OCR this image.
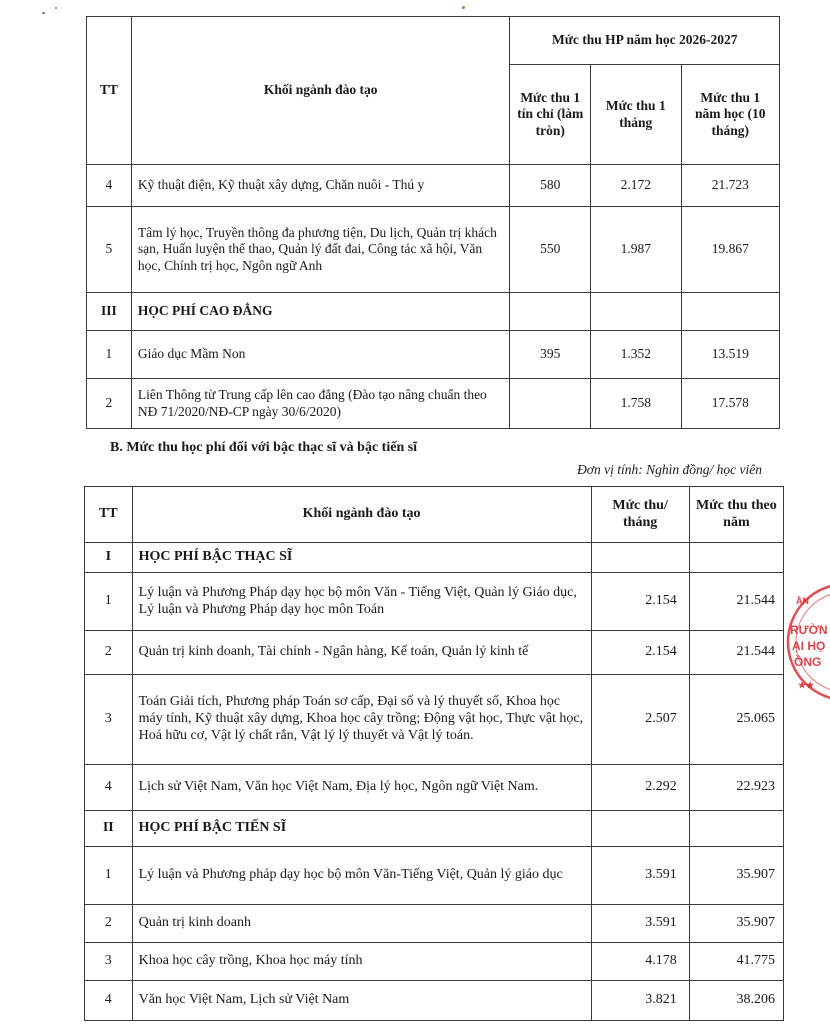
TT	Khối ngành đào tạo	Mức thu HP năm học 2026-2027		
		Mức thu 1 tín chỉ (làm tròn)	Mức thu 1 tháng	Mức thu 1 năm học (10 tháng)
4	Kỹ thuật điện, Kỹ thuật xây dựng, Chăn nuôi - Thú y	580	2.172	21.723
5	Tâm lý học, Truyền thông đa phương tiện, Du lịch, Quản trị khách sạn, Huấn luyện thể thao, Quản lý đất đai, Công tác xã hội, Văn học, Chính trị học, Ngôn ngữ Anh	550	1.987	19.867
III	HỌC PHÍ CAO ĐẲNG			
1	Giáo dục Mầm Non	395	1.352	13.519
2	Liên Thông từ Trung cấp lên cao đẳng (Đào tạo nâng chuẩn theo NĐ 71/2020/NĐ-CP ngày 30/6/2020)		1.758	17.578
B. Mức thu học phí đối với bậc thạc sĩ và bậc tiến sĩ
Đơn vị tính: Nghìn đồng/ học viên
TT	Khối ngành đào tạo	Mức thu/ tháng	Mức thu theo năm
I	HỌC PHÍ BẬC THẠC SĨ		
1	Lý luận và Phương Pháp dạy học bộ môn Văn - Tiếng Việt, Quản lý Giáo dục, Lý luận và Phương Pháp dạy học môn Toán	2.154	21.544
2	Quản trị kinh doanh, Tài chính - Ngân hàng, Kế toán, Quản lý kinh tế	2.154	21.544
3	Toán Giải tích, Phương pháp Toán sơ cấp, Đại số và lý thuyết số, Khoa học máy tính, Kỹ thuật xây dựng, Khoa học cây trồng; Động vật học, Thực vật học, Hoá hữu cơ, Vật lý chất rắn, Vật lý lý thuyết và Vật lý toán.	2.507	25.065
4	Lịch sử Việt Nam, Văn học Việt Nam, Địa lý học, Ngôn ngữ Việt Nam.	2.292	22.923
II	HỌC PHÍ BẬC TIẾN SĨ		
1	Lý luận và Phương pháp dạy học bộ môn Văn-Tiếng Việt, Quản lý giáo dục	3.591	35.907
2	Quản trị kinh doanh	3.591	35.907
3	Khoa học cây trồng, Khoa học máy tính	4.178	41.775
4	Văn học Việt Nam, Lịch sử Việt Nam	3.821	38.206
ẦN
RƯỜN
ẠI HỌ
ỒNG
★★
